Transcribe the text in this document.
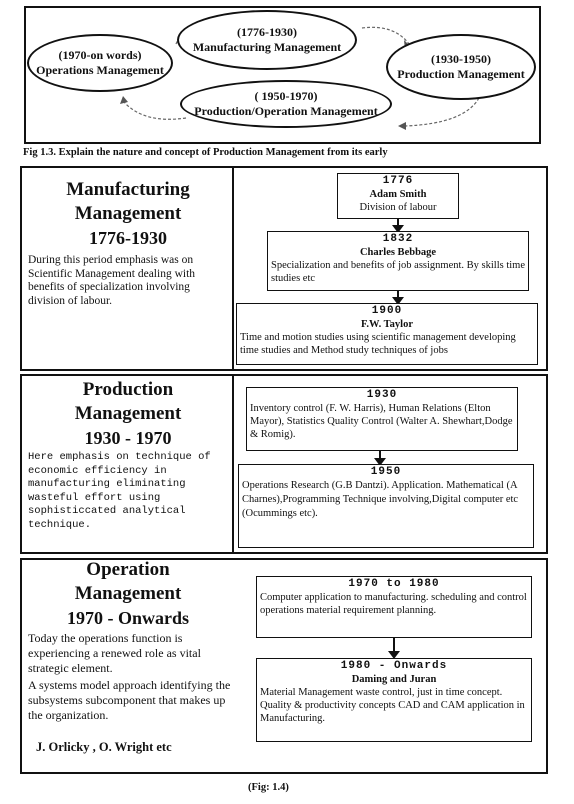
(1970-on words)
Operations Management
(1776-1930)
Manufacturing Management
(1930-1950)
Production Management
( 1950-1970)
Production/Operation Management
Fig 1.3. Explain the nature and concept of Production Management from its early
Manufacturing
Management
1776-1930
During this period emphasis was on Scientific Management dealing with benefits of specialization involving division of labour.
1776
Adam Smith
Division of labour
1832
Charles Bebbage
Specialization and benefits of job assignment. By skills time studies etc
1900
F.W. Taylor
Time and motion studies using scientific management developing time studies and Method study techniques of jobs
Production
Management
1930 - 1970
Here emphasis on technique of economic efficiency in manufacturing eliminating wasteful effort using sophisticcated analytical technique.
1930
Inventory control (F. W. Harris), Human Relations (Elton Mayor), Statistics Quality Control (Walter A. Shewhart,Dodge & Romig).
1950
Operations Research (G.B Dantzi). Application. Mathematical (A Charnes),Programming Technique involving,Digital computer etc (Ocummings etc).
Operation
Management
1970 - Onwards
Today the operations function is experiencing a renewed role as vital strategic element.
A systems model approach identifying the subsystems subcomponent that makes up the organization.
J. Orlicky , O. Wright etc
1970 to 1980
Computer application to manufacturing. scheduling and control operations material requirement planning.
1980 - Onwards
Daming and Juran
Material Management waste control, just in time concept. Quality & productivity concepts CAD and CAM application in Manufacturing.
(Fig: 1.4)
